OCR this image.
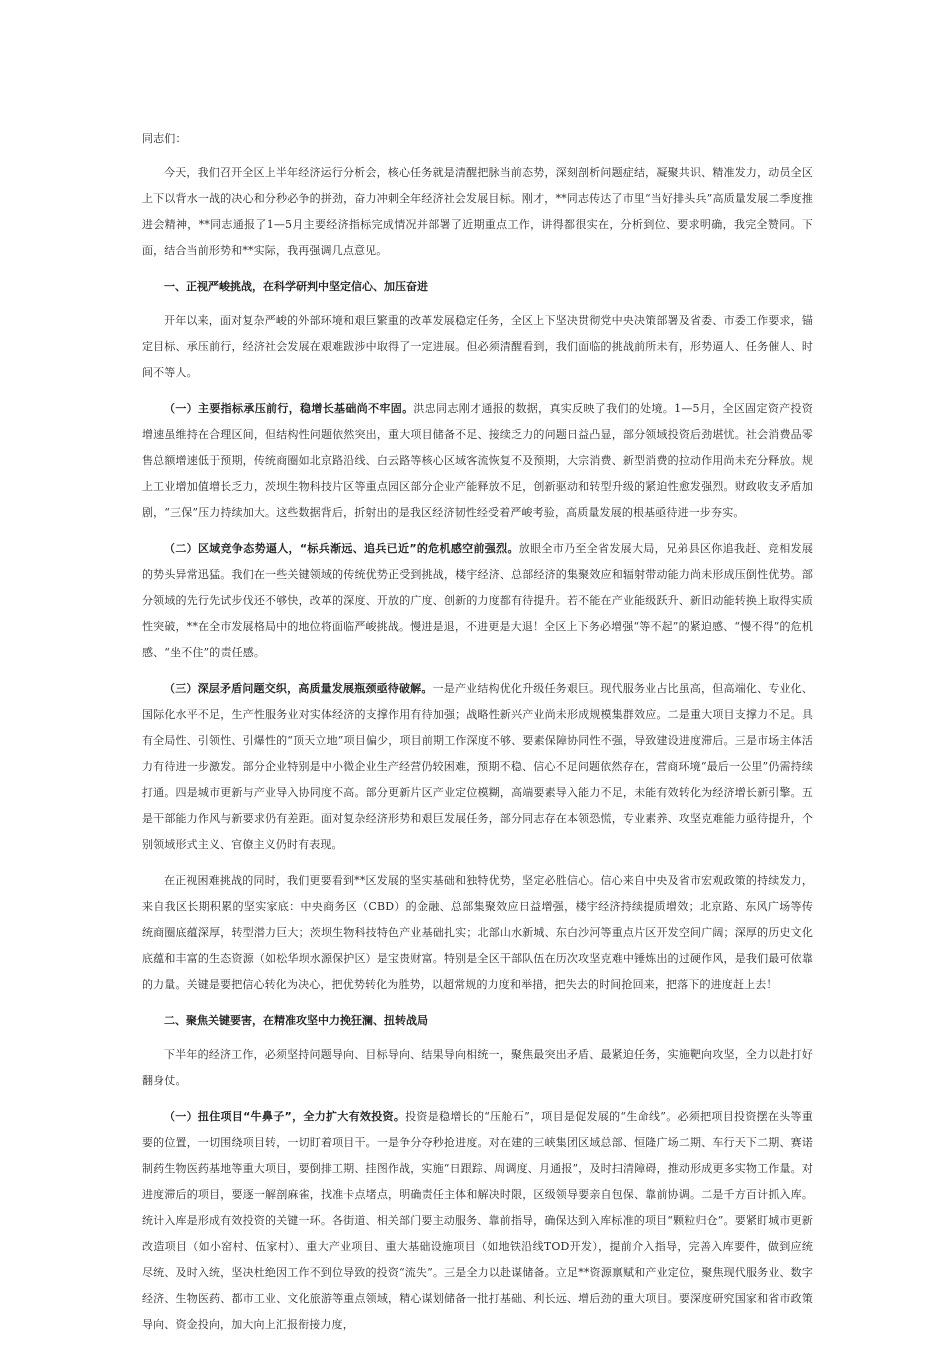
同志们：

今天，我们召开全区上半年经济运行分析会，核心任务就是清醒把脉当前态势，深刻剖析问题症结，凝聚共识、精准发力，动员全区上下以背水一战的决心和分秒必争的拼劲，奋力冲刺全年经济社会发展目标。刚才，**同志传达了市里“当好排头兵”高质量发展二季度推进会精神，**同志通报了1—5月主要经济指标完成情况并部署了近期重点工作，讲得都很实在，分析到位、要求明确，我完全赞同。下面，结合当前形势和**实际，我再强调几点意见。

一、正视严峻挑战，在科学研判中坚定信心、加压奋进

开年以来，面对复杂严峻的外部环境和艰巨繁重的改革发展稳定任务，全区上下坚决贯彻党中央决策部署及省委、市委工作要求，锚定目标、承压前行，经济社会发展在艰难跋涉中取得了一定进展。但必须清醒看到，我们面临的挑战前所未有，形势逼人、任务催人、时间不等人。

（一）主要指标承压前行，稳增长基础尚不牢固。洪忠同志刚才通报的数据，真实反映了我们的处境。1—5月，全区固定资产投资增速虽维持在合理区间，但结构性问题依然突出，重大项目储备不足、接续乏力的问题日益凸显，部分领域投资后劲堪忧。社会消费品零售总额增速低于预期，传统商圈如北京路沿线、白云路等核心区域客流恢复不及预期，大宗消费、新型消费的拉动作用尚未充分释放。规上工业增加值增长乏力，茨坝生物科技片区等重点园区部分企业产能释放不足，创新驱动和转型升级的紧迫性愈发强烈。财政收支矛盾加剧，“三保”压力持续加大。这些数据背后，折射出的是我区经济韧性经受着严峻考验，高质量发展的根基亟待进一步夯实。

（二）区域竞争态势逼人，“标兵渐远、追兵已近”的危机感空前强烈。放眼全市乃至全省发展大局，兄弟县区你追我赶、竞相发展的势头异常迅猛。我们在一些关键领域的传统优势正受到挑战，楼宇经济、总部经济的集聚效应和辐射带动能力尚未形成压倒性优势。部分领域的先行先试步伐还不够快，改革的深度、开放的广度、创新的力度都有待提升。若不能在产业能级跃升、新旧动能转换上取得实质性突破，**在全市发展格局中的地位将面临严峻挑战。慢进是退，不进更是大退！全区上下务必增强“等不起”的紧迫感、“慢不得”的危机感、“坐不住”的责任感。

（三）深层矛盾问题交织，高质量发展瓶颈亟待破解。一是产业结构优化升级任务艰巨。现代服务业占比虽高，但高端化、专业化、国际化水平不足，生产性服务业对实体经济的支撑作用有待加强；战略性新兴产业尚未形成规模集群效应。二是重大项目支撑力不足。具有全局性、引领性、引爆性的“顶天立地”项目偏少，项目前期工作深度不够、要素保障协同性不强，导致建设进度滞后。三是市场主体活力有待进一步激发。部分企业特别是中小微企业生产经营仍较困难，预期不稳、信心不足问题依然存在，营商环境“最后一公里”仍需持续打通。四是城市更新与产业导入协同度不高。部分更新片区产业定位模糊，高端要素导入能力不足，未能有效转化为经济增长新引擎。五是干部能力作风与新要求仍有差距。面对复杂经济形势和艰巨发展任务，部分同志存在本领恐慌，专业素养、攻坚克难能力亟待提升，个别领域形式主义、官僚主义仍时有表现。

在正视困难挑战的同时，我们更要看到**区发展的坚实基础和独特优势，坚定必胜信心。信心来自中央及省市宏观政策的持续发力，来自我区长期积累的坚实家底：中央商务区（CBD）的金融、总部集聚效应日益增强，楼宇经济持续提质增效；北京路、东风广场等传统商圈底蕴深厚，转型潜力巨大；茨坝生物科技特色产业基础扎实；北部山水新城、东白沙河等重点片区开发空间广阔；深厚的历史文化底蕴和丰富的生态资源（如松华坝水源保护区）是宝贵财富。特别是全区干部队伍在历次攻坚克难中锤炼出的过硬作风，是我们最可依靠的力量。关键是要把信心转化为决心，把优势转化为胜势，以超常规的力度和举措，把失去的时间抢回来，把落下的进度赶上去！

二、聚焦关键要害，在精准攻坚中力挽狂澜、扭转战局

下半年的经济工作，必须坚持问题导向、目标导向、结果导向相统一，聚焦最突出矛盾、最紧迫任务，实施靶向攻坚，全力以赴打好翻身仗。

（一）扭住项目“牛鼻子”，全力扩大有效投资。投资是稳增长的“压舱石”，项目是促发展的“生命线”。必须把项目投资摆在头等重要的位置，一切围绕项目转，一切盯着项目干。一是争分夺秒抢进度。对在建的三峡集团区域总部、恒隆广场二期、车行天下二期、赛诺制药生物医药基地等重大项目，要倒排工期、挂图作战，实施“日跟踪、周调度、月通报”，及时扫清障碍，推动形成更多实物工作量。对进度滞后的项目，要逐一解剖麻雀，找准卡点堵点，明确责任主体和解决时限，区级领导要亲自包保、靠前协调。二是千方百计抓入库。统计入库是形成有效投资的关键一环。各街道、相关部门要主动服务、靠前指导，确保达到入库标准的项目“颗粒归仓”。要紧盯城市更新改造项目（如小窑村、伍家村）、重大产业项目、重大基础设施项目（如地铁沿线TOD开发），提前介入指导，完善入库要件，做到应统尽统、及时入统，坚决杜绝因工作不到位导致的投资“流失”。三是全力以赴谋储备。立足**资源禀赋和产业定位，聚焦现代服务业、数字经济、生物医药、都市工业、文化旅游等重点领域，精心谋划储备一批打基础、利长远、增后劲的重大项目。要深度研究国家和省市政策导向、资金投向，加大向上汇报衔接力度，
